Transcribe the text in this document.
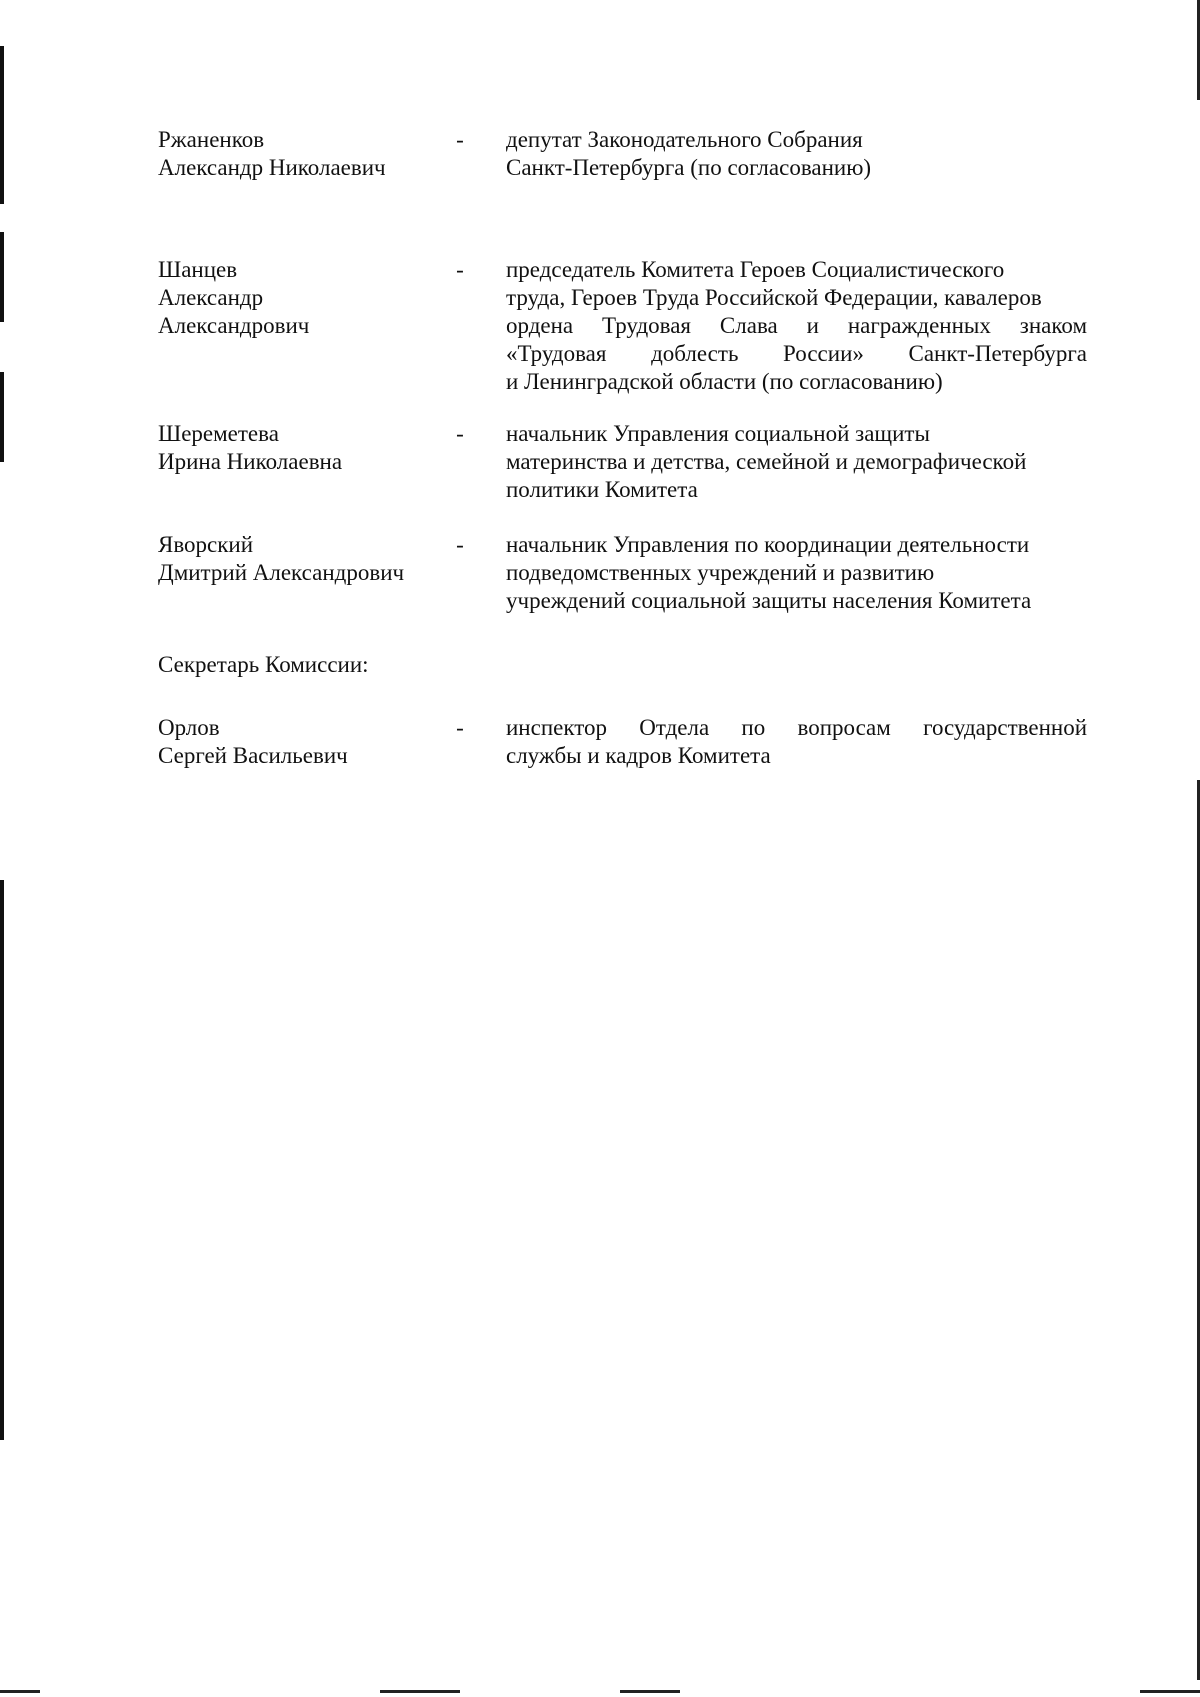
Ржаненков
Александр Николаевич

- депутат Законодательного Собрания
Санкт-Петербурга (по согласованию)

Шанцев
Александр
Александрович

- председатель Комитета Героев Социалистического
труда, Героев Труда Российской Федерации, кавалеров
ордена Трудовая Слава и награжденных знаком
«Трудовая доблесть России» Санкт-Петербурга
и Ленинградской области (по согласованию)

Шереметева
Ирина Николаевна

- начальник Управления социальной защиты
материнства и детства, семейной и демографической
политики Комитета

Яворский
Дмитрий Александрович

- начальник Управления по координации деятельности
подведомственных учреждений и развитию
учреждений социальной защиты населения Комитета

Секретарь Комиссии:

Орлов
Сергей Васильевич

- инспектор Отдела по вопросам государственной
службы и кадров Комитета
